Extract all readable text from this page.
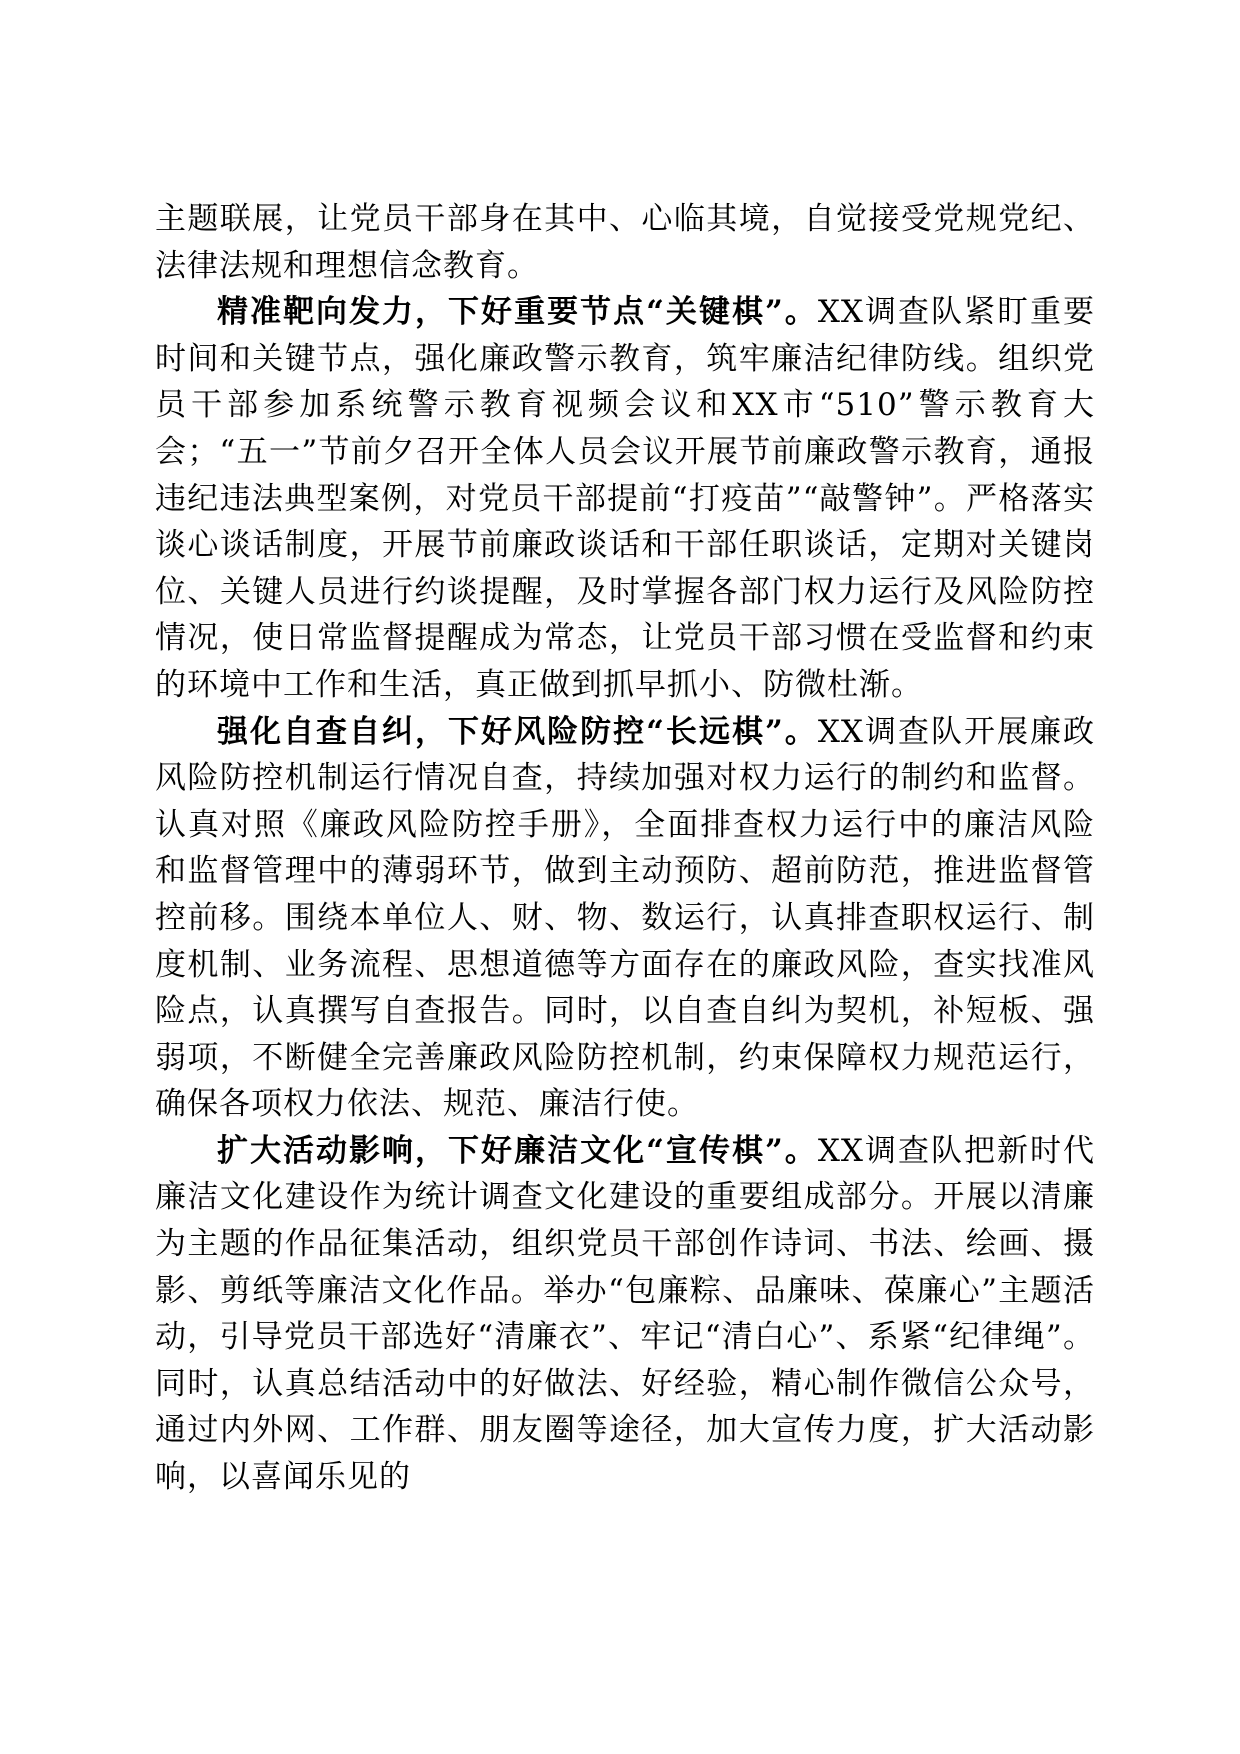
主题联展，让党员干部身在其中、心临其境，自觉接受党规党纪、法律法规和理想信念教育。

精准靶向发力，下好重要节点“关键棋”。XX调查队紧盯重要时间和关键节点，强化廉政警示教育，筑牢廉洁纪律防线。组织党员干部参加系统警示教育视频会议和XX市“510”警示教育大会；“五一”节前夕召开全体人员会议开展节前廉政警示教育，通报违纪违法典型案例，对党员干部提前“打疫苗”“敲警钟”。严格落实谈心谈话制度，开展节前廉政谈话和干部任职谈话，定期对关键岗位、关键人员进行约谈提醒，及时掌握各部门权力运行及风险防控情况，使日常监督提醒成为常态，让党员干部习惯在受监督和约束的环境中工作和生活，真正做到抓早抓小、防微杜渐。

强化自查自纠，下好风险防控“长远棋”。XX调查队开展廉政风险防控机制运行情况自查，持续加强对权力运行的制约和监督。认真对照《廉政风险防控手册》，全面排查权力运行中的廉洁风险和监督管理中的薄弱环节，做到主动预防、超前防范，推进监督管控前移。围绕本单位人、财、物、数运行，认真排查职权运行、制度机制、业务流程、思想道德等方面存在的廉政风险，查实找准风险点，认真撰写自查报告。同时，以自查自纠为契机，补短板、强弱项，不断健全完善廉政风险防控机制，约束保障权力规范运行，确保各项权力依法、规范、廉洁行使。

扩大活动影响，下好廉洁文化“宣传棋”。XX调查队把新时代廉洁文化建设作为统计调查文化建设的重要组成部分。开展以清廉为主题的作品征集活动，组织党员干部创作诗词、书法、绘画、摄影、剪纸等廉洁文化作品。举办“包廉粽、品廉味、葆廉心”主题活动，引导党员干部选好“清廉衣”、牢记“清白心”、系紧“纪律绳”。同时，认真总结活动中的好做法、好经验，精心制作微信公众号，通过内外网、工作群、朋友圈等途径，加大宣传力度，扩大活动影响，以喜闻乐见的
